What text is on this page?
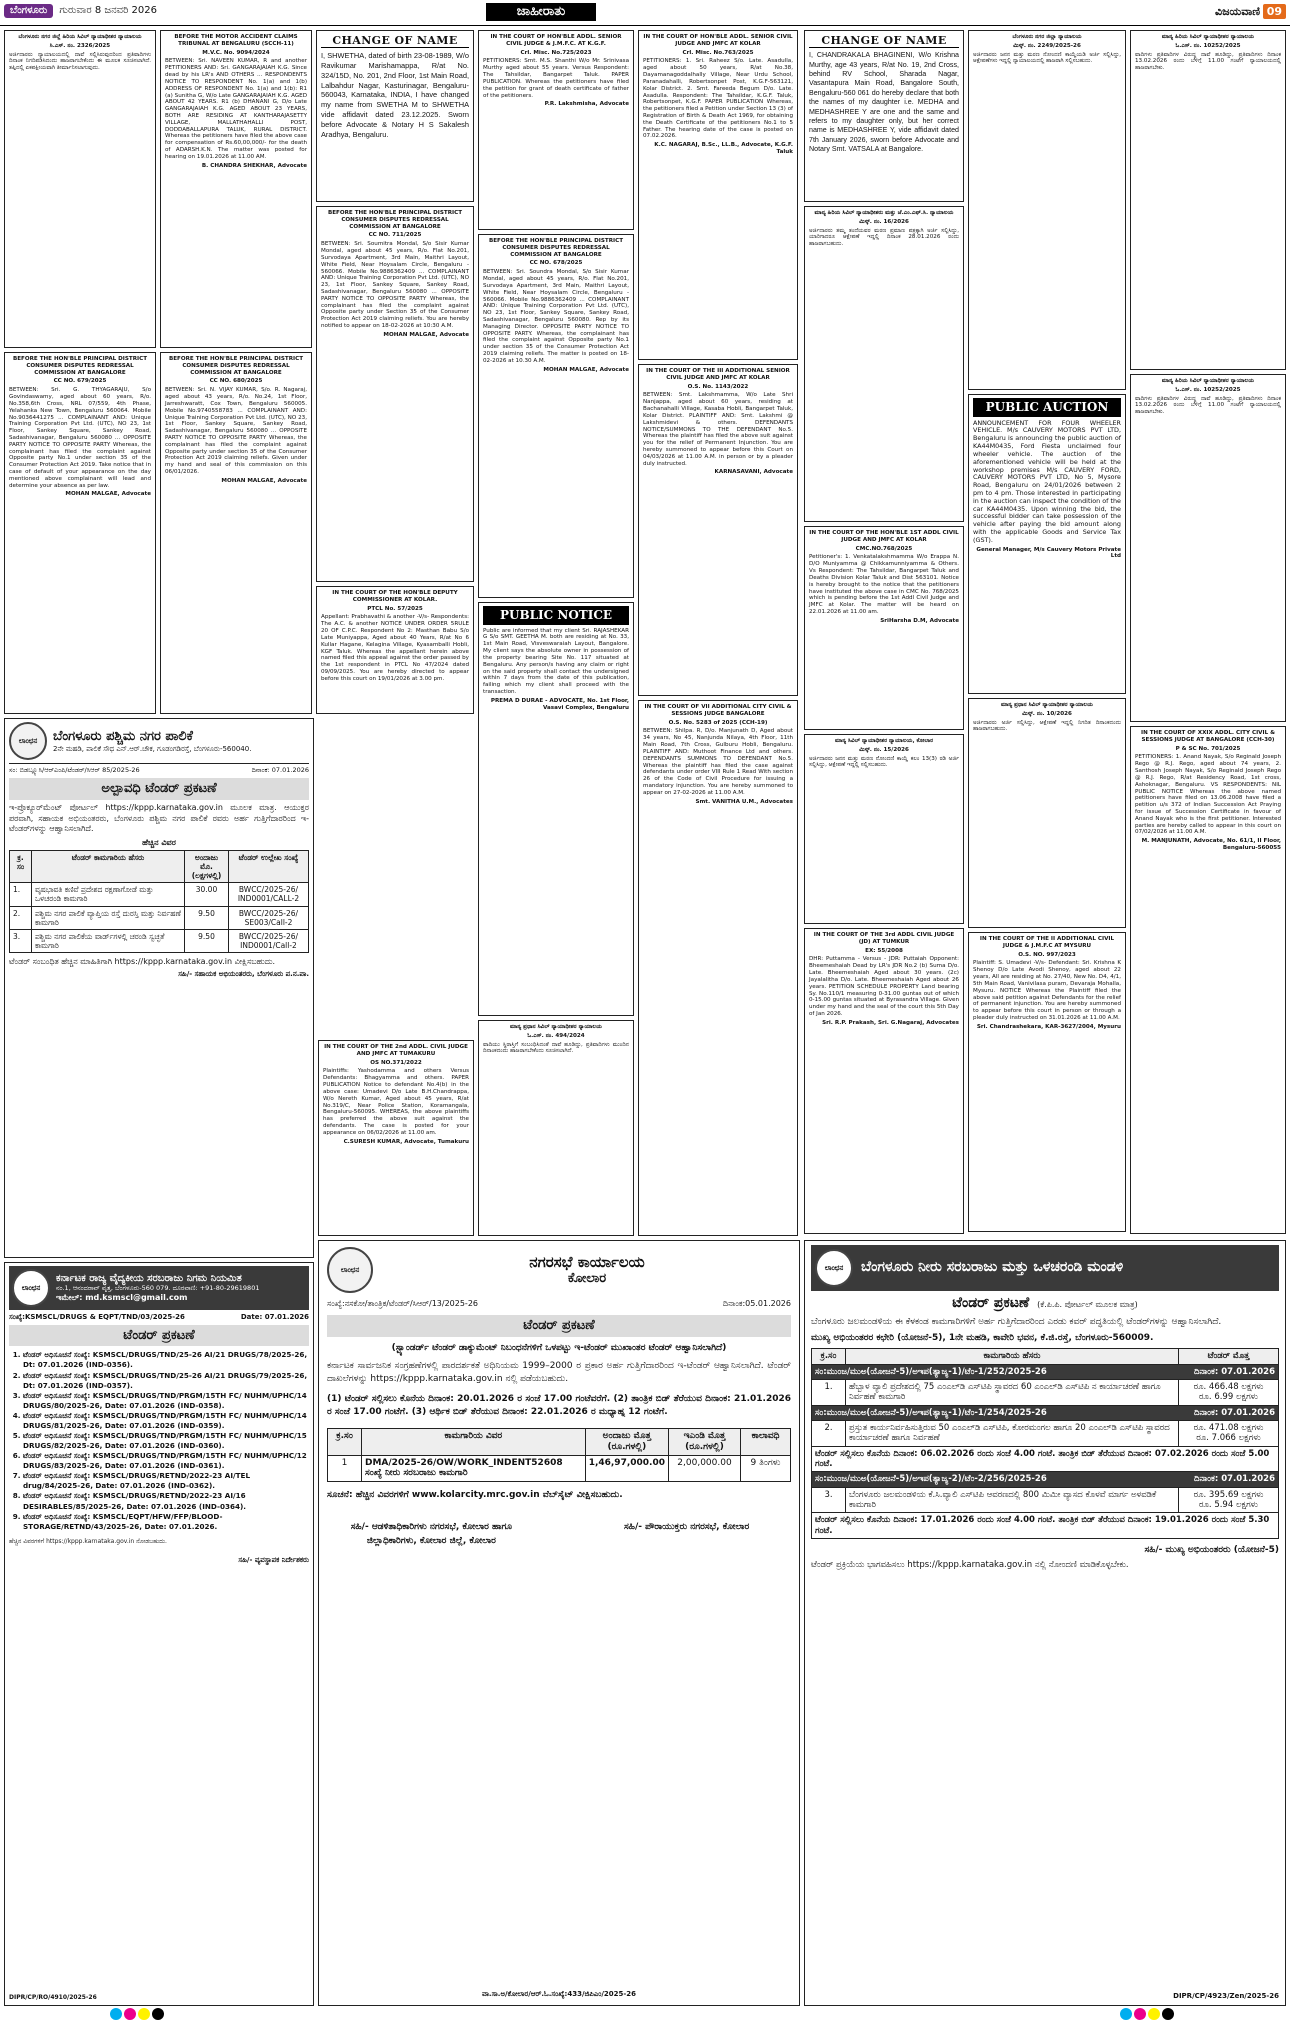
ಬೆಂಗಳೂರು	ಗುರುವಾರ 8 ಜನವರಿ 2026	ಜಾಹೀರಾತು	ವಿಜಯವಾಣಿ 09
ಬೆಂಗಳೂರು ನಗರ ಜಿಲ್ಲೆ ಹಿರಿಯ ಸಿವಿಲ್ ನ್ಯಾಯಾಧೀಶರ ನ್ಯಾಯಾಲಯ
ಸಿ.ಎಸ್. ನಂ. 2326/2025
ಅರ್ಜಿದಾರರು ನ್ಯಾಯಾಲಯದಲ್ಲಿ ದಾವೆ ಸಲ್ಲಿಸಿರುವುದರಿಂದ ಪ್ರತಿವಾದಿಗಳು ದಿನಾಂಕ ನಿಗದಿಪಡಿಸಿದಂದು ಹಾಜರಾಗಬೇಕೆಂದು ಈ ಮೂಲಕ ಸೂಚಿಸಲಾಗಿದೆ. ತಪ್ಪಿದಲ್ಲಿ ಏಕಪಕ್ಷೀಯವಾಗಿ ತೀರ್ಮಾನಿಸಲಾಗುವುದು.
BEFORE THE HON'BLE PRINCIPAL DISTRICT CONSUMER DISPUTES REDRESSAL COMMISSION AT BANGALORE
CC NO. 679/2025
BETWEEN: Sri. G. THYAGARAJU, S/o Govindaswamy, aged about 60 years, R/o. No.358,6th Cross, NRL 07/559, 4th Phase, Yelahanka New Town, Bengaluru 560064. Mobile No.9036441275 ... COMPLAINANT AND: Unique Training Corporation Pvt Ltd. (UTC), NO 23, 1st Floor, Sankey Square, Sankey Road, Sadashivanagar, Bengaluru 560080 ... OPPOSITE PARTY NOTICE TO OPPOSITE PARTY Whereas, the complainant has filed the complaint against Opposite party No.1 under section 35 of the Consumer Protection Act 2019. Take notice that in case of default of your appearance on the day mentioned above complainant will lead and determine your absence as per law.
MOHAN MALGAE, Advocate
BEFORE THE MOTOR ACCIDENT CLAIMS TRIBUNAL AT BENGALURU (SCCH-11)
M.V.C. No. 9094/2024
BETWEEN: Sri. NAVEEN KUMAR, R and another PETITIONERS AND: Sri. GANGARAJAIAH K.G. Since dead by his LR's AND OTHERS ... RESPONDENTS NOTICE TO RESPONDENT No. 1(a) and 1(b) ADDRESS OF RESPONDENT No. 1(a) and 1(b): R1 (a) Sunitha G, W/o Late GANGARAJAIAH K.G. AGED ABOUT 42 YEARS. R1 (b) DHANANI G, D/o Late GANGARAJAIAH K.G. AGED ABOUT 23 YEARS, BOTH ARE RESIDING AT KANTHARAJASETTY VILLAGE, MALLATHAHALLI POST, DODDABALLAPURA TALUK, RURAL DISTRICT. Whereas the petitioners have filed the above case for compensation of Rs.60,00,000/- for the death of ADARSH.K.N. The matter was posted for hearing on 19.01.2026 at 11.00 AM.
B. CHANDRA SHEKHAR, Advocate
BEFORE THE HON'BLE PRINCIPAL DISTRICT CONSUMER DISPUTES REDRESSAL COMMISSION AT BANGALORE
CC NO. 680/2025
BETWEEN: Sri. N. VIJAY KUMAR, S/o. R. Nagaraj, aged about 43 years, R/o. No.24, 1st Floor, Jarreshwaratt, Cox Town, Bengaluru 560005. Mobile No.9740558783 ... COMPLAINANT AND: Unique Training Corporation Pvt Ltd. (UTC), NO 23, 1st Floor, Sankey Square, Sankey Road, Sadashivanagar, Bengaluru 560080 ... OPPOSITE PARTY NOTICE TO OPPOSITE PARTY Whereas, the complainant has filed the complaint against Opposite party under section 35 of the Consumer Protection Act 2019 claiming reliefs. Given under my hand and seal of this commission on this 06/01/2026.
MOHAN MALGAE, Advocate
CHANGE OF NAME
I, SHWETHA, dated of birth 23-08-1989, W/o Ravikumar Marishamappa, R/at No. 324/15D, No. 201, 2nd Floor, 1st Main Road, Lalbahdur Nagar, Kasturinagar, Bengaluru-560043, Karnataka, INDIA, I have changed my name from SWETHA M to SHWETHA vide affidavit dated 23.12.2025. Sworn before Advocate & Notary H S Sakalesh Aradhya, Bengaluru.
BEFORE THE HON'BLE PRINCIPAL DISTRICT CONSUMER DISPUTES REDRESSAL COMMISSION AT BANGALORE
CC NO. 711/2025
BETWEEN: Sri. Soumitra Mondal, S/o Sisir Kumar Mondal, aged about 45 years, R/o. Flat No.201, Survodaya Apartment, 3rd Main, Maithri Layout, White Field, Near Hoysalam Circle, Bengaluru - 560066. Mobile No.9886362409 ... COMPLAINANT AND: Unique Training Corporation Pvt Ltd. (UTC), NO 23, 1st Floor, Sankey Square, Sankey Road, Sadashivanagar, Bengaluru 560080 ... OPPOSITE PARTY NOTICE TO OPPOSITE PARTY Whereas, the complainant has filed the complaint against Opposite party under Section 35 of the Consumer Protection Act 2019 claiming reliefs. You are hereby notified to appear on 18-02-2026 at 10:30 A.M.
MOHAN MALGAE, Advocate
IN THE COURT OF THE HON'BLE DEPUTY COMMISSIONER AT KOLAR.
PTCL No. 57/2025
Appellant: Prabhavathi & another -V/s- Respondents: The A.C. & another NOTICE UNDER ORDER 5RULE 20 OF C.P.C. Respondent No 2: Masthan Babu S/o Late Muniyappa, Aged about 40 Years, R/at No 6 Kullar Hagane, Kelagina Village, Kyasamballi Hobli, KGF Taluk. Whereas the appellant herein above named filed this appeal against the order passed by the 1st respondent in PTCL No 47/2024 dated 09/09/2025. You are hereby directed to appear before this court on 19/01/2026 at 3.00 pm.
ಲಾಂಛನ	ಬೆಂಗಳೂರು ಪಶ್ಚಿಮ ನಗರ ಪಾಲಿಕೆ
2ನೇ ಮಹಡಿ, ಪಾಲಿಕೆ ಸೌಧ ಎನ್.ಆರ್.ಚೌಕ, ಗೂಡಂಗಡಿರಸ್ತೆ, ಬೆಂಗಳೂರು-560040.
ಸಂ: ಬಿಡಬ್ಲ್ಯೂಸಿ/ಆರ್‌ಎಂಪಿ/ಟೆಂಡರ್/ಸಿಆರ್ 85/2025-26	ದಿನಾಂಕ: 07.01.2026
ಅಲ್ಪಾವಧಿ ಟೆಂಡರ್ ಪ್ರಕಟಣೆ
ಇ-ಪ್ರೊಕ್ಯೂರ್‌ಮೆಂಟ್ ಪೋರ್ಟಲ್ https://kppp.karnataka.gov.in ಮೂಲಕ ಮಾತ್ರ. ಆಯುಕ್ತರ ಪರವಾಗಿ, ಸಹಾಯಕ ಅಭಿಯಂತರರು, ಬೆಂಗಳೂರು ಪಶ್ಚಿಮ ನಗರ ಪಾಲಿಕೆ ರವರು ಅರ್ಹ ಗುತ್ತಿಗೆದಾರರಿಂದ ಇ-ಟೆಂಡರ್‌ಗಳನ್ನು ಆಹ್ವಾನಿಸಲಾಗಿದೆ.
ಹೆಚ್ಚಿನ ವಿವರ
ಕ್ರ. ಸಂ	ಟೆಂಡರ್ ಕಾಮಗಾರಿಯ ಹೆಸರು	ಅಂದಾಜು ಮೊ. (ಲಕ್ಷಗಳಲ್ಲಿ)	ಟೆಂಡರ್ ಉಲ್ಲೇಖ ಸಂಖ್ಯೆ
1.	ವೃಷಭಾವತಿ ಕಣಿವೆ ಪ್ರದೇಶದ ರಕ್ಷಣಾಗೋಡೆ ಮತ್ತು ಒಳಚರಂಡಿ ಕಾಮಗಾರಿ	30.00	BWCC/2025-26/ IND0001/CALL-2
2.	ಪಶ್ಚಿಮ ನಗರ ಪಾಲಿಕೆ ವ್ಯಾಪ್ತಿಯ ರಸ್ತೆ ದುರಸ್ತಿ ಮತ್ತು ನಿರ್ವಹಣೆ ಕಾಮಗಾರಿ	9.50	BWCC/2025-26/ SE003/Call-2
3.	ಪಶ್ಚಿಮ ನಗರ ಪಾಲಿಕೆಯ ವಾರ್ಡ್‌ಗಳಲ್ಲಿ ಚರಂಡಿ ಸ್ವಚ್ಛತೆ ಕಾಮಗಾರಿ	9.50	BWCC/2025-26/ IND0001/Call-2
ಟೆಂಡರ್ ಸಂಬಂಧಿತ ಹೆಚ್ಚಿನ ಮಾಹಿತಿಗಾಗಿ https://kppp.karnataka.gov.in ವೀಕ್ಷಿಸಬಹುದು.
ಸಹಿ/- ಸಹಾಯಕ ಅಭಿಯಂತರರು, ಬೆಂಗಳೂರು ಪ.ನ.ಪಾ.
ಲಾಂಛನ
ಕರ್ನಾಟಕ ರಾಜ್ಯ ವೈದ್ಯಕೀಯ ಸರಬರಾಜು ನಿಗಮ ನಿಯಮಿತ
ನಂ.1, ಆನಂದರಾವ್ ವೃತ್ತ, ಬೆಂಗಳೂರು-560 079. ದೂರವಾಣಿ: +91-80-29619801
ಇಮೇಲ್: md.ksmscl@gmail.com
ಸಂಖ್ಯೆ:KSMSCL/DRUGS & EQPT/TND/03/2025-26	Date: 07.01.2026
ಟೆಂಡರ್ ಪ್ರಕಟಣೆ
1. ಟೆಂಡರ್ ಅಧಿಸೂಚನೆ ಸಂಖ್ಯೆ: KSMSCL/DRUGS/TND/25-26 AI/21 DRUGS/78/2025-26, Dt: 07.01.2026 (IND-0356).
2. ಟೆಂಡರ್ ಅಧಿಸೂಚನೆ ಸಂಖ್ಯೆ: KSMSCL/DRUGS/TND/25-26 AI/21 DRUGS/79/2025-26, Dt: 07.01.2026 (IND-0357).
3. ಟೆಂಡರ್ ಅಧಿಸೂಚನೆ ಸಂಖ್ಯೆ: KSMSCL/DRUGS/TND/PRGM/15TH FC/ NUHM/UPHC/14 DRUGS/80/2025-26, Date: 07.01.2026 (IND-0358).
4. ಟೆಂಡರ್ ಅಧಿಸೂಚನೆ ಸಂಖ್ಯೆ: KSMSCL/DRUGS/TND/PRGM/15TH FC/ NUHM/UPHC/14 DRUGS/81/2025-26, Date: 07.01.2026 (IND-0359).
5. ಟೆಂಡರ್ ಅಧಿಸೂಚನೆ ಸಂಖ್ಯೆ: KSMSCL/DRUGS/TND/PRGM/15TH FC/ NUHM/UPHC/15 DRUGS/82/2025-26, Date: 07.01.2026 (IND-0360).
6. ಟೆಂಡರ್ ಅಧಿಸೂಚನೆ ಸಂಖ್ಯೆ: KSMSCL/DRUGS/TND/PRGM/15TH FC/ NUHM/UPHC/12 DRUGS/83/2025-26, Date: 07.01.2026 (IND-0361).
7. ಟೆಂಡರ್ ಅಧಿಸೂಚನೆ ಸಂಖ್ಯೆ: KSMSCL/DRUGS/RETND/2022-23 AI/TEL drug/84/2025-26, Date: 07.01.2026 (IND-0362).
8. ಟೆಂಡರ್ ಅಧಿಸೂಚನೆ ಸಂಖ್ಯೆ: KSMSCL/DRUGS/RETND/2022-23 AI/16 DESIRABLES/85/2025-26, Date: 07.01.2026 (IND-0364).
9. ಟೆಂಡರ್ ಅಧಿಸೂಚನೆ ಸಂಖ್ಯೆ: KSMSCL/EQPT/HFW/FFP/BLOOD-STORAGE/RETND/43/2025-26, Date: 07.01.2026.
ಹೆಚ್ಚಿನ ವಿವರಗಳಿಗೆ https://kppp.karnataka.gov.in ನೋಡಬಹುದು.
ಸಹಿ/- ವ್ಯವಸ್ಥಾಪಕ ನಿರ್ದೇಶಕರು
DIPR/CP/RO/4910/2025-26
IN THE COURT OF HON'BLE ADDL. SENIOR CIVIL JUDGE & J.M.F.C. AT K.G.F.
Crl. Misc. No.725/2023
PETITIONERS: Smt. M.S. Shanthi W/o Mr. Srinivasa Murthy aged about 55 years. Versus Respondent: The Tahsildar, Bangarpet Taluk. PAPER PUBLICATION. Whereas the petitioners have filed the petition for grant of death certificate of father of the petitioners.
P.R. Lakshmisha, Advocate
BEFORE THE HON'BLE PRINCIPAL DISTRICT CONSUMER DISPUTES REDRESSAL COMMISSION AT BANGALORE
CC NO. 678/2025
BETWEEN: Sri. Soundra Mondal, S/o Sisir Kumar Mondal, aged about 45 years, R/o. Flat No.201, Survodaya Apartment, 3rd Main, Maithri Layout, White Field, Near Hoysalam Circle, Bengaluru - 560066. Mobile No.9886362409 ... COMPLAINANT AND: Unique Training Corporation Pvt Ltd. (UTC), NO 23, 1st Floor, Sankey Square, Sankey Road, Sadashivanagar, Bengaluru 560080. Rep by its Managing Director. OPPOSITE PARTY NOTICE TO OPPOSITE PARTY. Whereas, the complainant has filed the complaint against Opposite party No.1 under section 35 of the Consumer Protection Act 2019 claiming reliefs. The matter is posted on 18-02-2026 at 10.30 A.M.
MOHAN MALGAE, Advocate
PUBLIC NOTICE
Public are informed that my client Sri. RAJASHEKAR G S/o SMT. GEETHA M. both are residing at No. 33, 1st Main Road, Visveswaraiah Layout, Bangalore. My client says the absolute owner in possession of the property bearing Site No. 117 situated at Bengaluru. Any person/s having any claim or right on the said property shall contact the undersigned within 7 days from the date of this publication, failing which my client shall proceed with the transaction.
PREMA D DURAE - ADVOCATE, No. 1st Floor, Vasavi Complex, Bengaluru
ಮಾನ್ಯ ಪ್ರಧಾನ ಸಿವಿಲ್ ನ್ಯಾಯಾಧೀಶರ ನ್ಯಾಯಾಲಯ
ಓ.ಎಸ್. ನಂ. 494/2024
ವಾದಿಯು ಸ್ಥಿರಾಸ್ತಿಗೆ ಸಂಬಂಧಿಸಿದಂತೆ ದಾವೆ ಹೂಡಿದ್ದು, ಪ್ರತಿವಾದಿಗಳು ಮುಂದಿನ ದಿನಾಂಕದಂದು ಹಾಜರಾಗಬೇಕೆಂದು ಸೂಚಿಸಲಾಗಿದೆ.
IN THE COURT OF HON'BLE ADDL. SENIOR CIVIL JUDGE AND JMFC AT KOLAR
Crl. Misc. No.763/2025
PETITIONERS: 1. Sri. Raheez S/o. Late. Asadulla, aged about 50 years, R/at No.38, Dayamanagoddalhally Village, Near Urdu School, Paranadahalli, Robertsonpet Post, K.G.F-563121, Kolar District. 2. Smt. Fareeda Begum D/o. Late. Asadulla. Respondent: The Tahsildar, K.G.F. Taluk, Robertsonpet, K.G.F. PAPER PUBLICATION Whereas, the petitioners filed a Petition under Section 13 (3) of Registration of Birth & Death Act 1969, for obtaining the Death Certificate of the petitioners No.1 to 5 Father. The hearing date of the case is posted on 07.02.2026.
K.C. NAGARAJ, B.Sc., LL.B., Advocate, K.G.F. Taluk
IN THE COURT OF THE III ADDITIONAL SENIOR CIVIL JUDGE AND JMFC AT KOLAR
O.S. No. 1143/2022
BETWEEN: Smt. Lakshmamma, W/o Late Shri Nanjappa, aged about 60 years, residing at Bachanahalli Village, Kasaba Hobli, Bangarpet Taluk, Kolar District. PLAINTIFF AND: Smt. Lakshmi @ Lakshmidevi & others. DEFENDANTS NOTICE/SUMMONS TO THE DEFENDANT No.5. Whereas the plaintiff has filed the above suit against you for the relief of Permanent Injunction. You are hereby summoned to appear before this Court on 04/03/2026 at 11.00 A.M. in person or by a pleader duly instructed.
KARNASAVANI, Advocate
IN THE COURT OF VII ADDITIONAL CITY CIVIL & SESSIONS JUDGE BANGALORE
O.S. No. 5283 of 2025 (CCH-19)
BETWEEN: Shilpa. R, D/o. Manjunath D, Aged about 34 years, No 45, Nanjunda Nilaya, 4th Floor, 11th Main Road, 7th Cross, Gulburu Hobli, Bengaluru. PLAINTIFF AND: Muthoot Finance Ltd and others. DEFENDANTS SUMMONS TO DEFENDANT No.5. Whereas the plaintiff has filed the case against defendants under order VIII Rule 1 Read With section 26 of the Code of Civil Procedure for issuing a mandatory injunction. You are hereby summoned to appear on 27-02-2026 at 11.00 A.M.
Smt. VANITHA U.M., Advocates
IN THE COURT OF THE 2nd ADDL. CIVIL JUDGE AND JMFC AT TUMAKURU
OS NO.371/2022
Plaintiffs: Yashodamma and others Versus Defendants: Bhagyamma and others. PAPER PUBLICATION Notice to defendant No.4(b) in the above case: Umadevi D/o Late B.H.Chandrappa, W/o Nereth Kumar, Aged about 45 years, R/at No.319/C, Near Police Station, Koramangala, Bengaluru-560095. WHEREAS, the above plaintiffs has preferred the above suit against the defendants. The case is posted for your appearance on 06/02/2026 at 11.00 am.
C.SURESH KUMAR, Advocate, Tumakuru
ಲಾಂಛನ	ನಗರಸಭೆ ಕಾರ್ಯಾಲಯ
ಕೋಲಾರ
ಸಂಖ್ಯೆ:ನಸಕೋ/ತಾಂತ್ರಿಕ/ಟೆಂಡರ್/ಸಿಆರ್/13/2025-26	ದಿನಾಂಕ:05.01.2026
ಟೆಂಡರ್ ಪ್ರಕಟಣೆ
(ಸ್ಟ್ಯಾಂಡರ್ಡ್ ಟೆಂಡರ್ ಡಾಕ್ಯುಮೆಂಟ್ ನಿಬಂಧನೆಗಳಿಗೆ ಒಳಪಟ್ಟು ಇ-ಟೆಂಡರ್ ಮುಖಾಂತರ ಟೆಂಡರ್ ಆಹ್ವಾನಿಸಲಾಗಿದೆ)
ಕರ್ನಾಟಕ ಸಾರ್ವಜನಿಕ ಸಂಗ್ರಹಣೆಗಳಲ್ಲಿ ಪಾರದರ್ಶಕತೆ ಅಧಿನಿಯಮ 1999–2000 ರ ಪ್ರಕಾರ ಅರ್ಹ ಗುತ್ತಿಗೆದಾರರಿಂದ ಇ-ಟೆಂಡರ್ ಆಹ್ವಾನಿಸಲಾಗಿದೆ. ಟೆಂಡರ್ ದಾಖಲೆಗಳನ್ನು https://kppp.karnataka.gov.in ನಲ್ಲಿ ಪಡೆಯಬಹುದು.
(1) ಟೆಂಡರ್ ಸಲ್ಲಿಸಲು ಕೊನೆಯ ದಿನಾಂಕ: 20.01.2026 ರ ಸಂಜೆ 17.00 ಗಂಟೆವರೆಗೆ. (2) ತಾಂತ್ರಿಕ ಬಿಡ್ ತೆರೆಯುವ ದಿನಾಂಕ: 21.01.2026 ರ ಸಂಜೆ 17.00 ಗಂಟೆಗೆ. (3) ಆರ್ಥಿಕ ಬಿಡ್ ತೆರೆಯುವ ದಿನಾಂಕ: 22.01.2026 ರ ಮಧ್ಯಾಹ್ನ 12 ಗಂಟೆಗೆ.
ಕ್ರ.ಸಂ	ಕಾಮಗಾರಿಯ ವಿವರ	ಅಂದಾಜು ಮೊತ್ತ (ರೂ.ಗಳಲ್ಲಿ)	ಇಎಂಡಿ ಮೊತ್ತ (ರೂ.ಗಳಲ್ಲಿ)	ಕಾಲಾವಧಿ
1	DMA/2025-26/OW/WORK_INDENT52608 ಸಂಖ್ಯೆ ನೀರು ಸರಬರಾಜು ಕಾಮಗಾರಿ	1,46,97,000.00	2,00,000.00	9 ತಿಂಗಳು
ಸೂಚನೆ: ಹೆಚ್ಚಿನ ವಿವರಗಳಿಗೆ www.kolarcity.mrc.gov.in ವೆಬ್‌ಸೈಟ್ ವೀಕ್ಷಿಸಬಹುದು.
ಸಹಿ/- ಆಡಳಿತಾಧಿಕಾರಿಗಳು ನಗರಸಭೆ, ಕೋಲಾರ ಹಾಗೂ ಜಿಲ್ಲಾಧಿಕಾರಿಗಳು, ಕೋಲಾರ ಜಿಲ್ಲೆ, ಕೋಲಾರ
ಸಹಿ/- ಪೌರಾಯುಕ್ತರು ನಗರಸಭೆ, ಕೋಲಾರ
ವಾ.ಸಾ.ಅ/ಕೋಲಾರ/ಆರ್.ಓ.ಸಂಖ್ಯೆ:433/ಜಿಪಿಎಂ/2025-26
CHANGE OF NAME
I, CHANDRAKALA BHAGINENI, W/o Krishna Murthy, age 43 years, R/at No. 19, 2nd Cross, behind RV School, Sharada Nagar, Vasantapura Main Road, Bangalore South, Bengaluru-560 061 do hereby declare that both the names of my daughter i.e. MEDHA and MEDHASHREE Y are one and the same and refers to my daughter only, but her correct name is MEDHASHREE Y, vide affidavit dated 7th January 2026, sworn before Advocate and Notary Smt. VATSALA at Bangalore.
ಮಾನ್ಯ ಹಿರಿಯ ಸಿವಿಲ್ ನ್ಯಾಯಾಧೀಶರು ಮತ್ತು ಜೆ.ಎಂ.ಎಫ್.ಸಿ. ನ್ಯಾಯಾಲಯ
ಮಿಸ್ಕ್. ನಂ. 16/2026
ಅರ್ಜಿದಾರರು ತಮ್ಮ ತಂದೆಯವರ ಮರಣ ಪ್ರಮಾಣ ಪತ್ರಕ್ಕಾಗಿ ಅರ್ಜಿ ಸಲ್ಲಿಸಿದ್ದು, ಯಾರಿಗಾದರೂ ಆಕ್ಷೇಪಣೆ ಇದ್ದಲ್ಲಿ ದಿನಾಂಕ 28.01.2026 ರಂದು ಹಾಜರಾಗಬಹುದು.
IN THE COURT OF THE HON'BLE 1ST ADDL CIVIL JUDGE AND JMFC AT KOLAR
CMC.NO.768/2025
Petitioner's: 1. Venkatalakshmamma W/o Erappa N. D/O Muniyamma @ Chikkamunniyamma & Others. Vs Respondent: The Tahsildar, Bangarpet Taluk and Deaths Division Kolar Taluk and Dist 563101. Notice is hereby brought to the notice that the petitioners have instituted the above case in CMC No. 768/2025 which is pending before the 1st Addl Civil Judge and JMFC at Kolar. The matter will be heard on 22.01.2026 at 11.00 am.
SriHarsha D.M, Advocate
ಮಾನ್ಯ ಸಿವಿಲ್ ನ್ಯಾಯಾಧೀಶರ ನ್ಯಾಯಾಲಯ, ಕೋಲಾರ
ಮಿಸ್ಕ್. ನಂ. 15/2026
ಅರ್ಜಿದಾರರು ಜನನ ಮತ್ತು ಮರಣ ನೋಂದಣಿ ಕಾಯ್ದೆ ಕಲಂ 13(3) ರಡಿ ಅರ್ಜಿ ಸಲ್ಲಿಸಿದ್ದು, ಆಕ್ಷೇಪಣೆ ಇದ್ದಲ್ಲಿ ಸಲ್ಲಿಸಬಹುದು.
IN THE COURT OF THE 3rd ADDL CIVIL JUDGE (JD) AT TUMKUR
EX: 55/2008
DHR: Puttamma - Versus - JDR: Puttaiah Opponent: Bheemeshaiah Dead by LR's JDR No.2 (b) Suma D/o. Late. Bheemeshaiah Aged about 30 years. (2c) Jayalalitha D/o. Late. Bheemeshaiah Aged about 26 years. PETITION SCHEDULE PROPERTY Land bearing Sy. No.110/1 measuring 0-31.00 guntas out of which 0-15.00 guntas situated at Byrasandra Village. Given under my hand and the seal of the court this 5th Day of Jan 2026.
Sri. R.P. Prakash, Sri. G.Nagaraj, Advocates
ಬೆಂಗಳೂರು ನಗರ ಜಿಲ್ಲಾ ನ್ಯಾಯಾಲಯ
ಮಿಸ್ಕ್. ನಂ. 2249/2025-26
ಅರ್ಜಿದಾರರು ಜನನ ಮತ್ತು ಮರಣ ನೋಂದಣಿ ಕಾಯ್ದೆಯಡಿ ಅರ್ಜಿ ಸಲ್ಲಿಸಿದ್ದು, ಆಕ್ಷೇಪಣೆಗಳು ಇದ್ದಲ್ಲಿ ನ್ಯಾಯಾಲಯದಲ್ಲಿ ಹಾಜರಾಗಿ ಸಲ್ಲಿಸಬಹುದು.
PUBLIC AUCTION
ANNOUNCEMENT FOR FOUR WHEELER VEHICLE. M/s CAUVERY MOTORS PVT LTD, Bengaluru is announcing the public auction of KA44M0435, Ford Fiesta unclaimed four wheeler vehicle. The auction of the aforementioned vehicle will be held at the workshop premises M/s CAUVERY FORD, CAUVERY MOTORS PVT LTD, No 5, Mysore Road, Bengaluru on 24/01/2026 between 2 pm to 4 pm. Those interested in participating in the auction can inspect the condition of the car KA44M0435. Upon winning the bid, the successful bidder can take possession of the vehicle after paying the bid amount along with the applicable Goods and Service Tax (GST).
General Manager, M/s Cauvery Motors Private Ltd
ಮಾನ್ಯ ಪ್ರಧಾನ ಸಿವಿಲ್ ನ್ಯಾಯಾಧೀಶರ ನ್ಯಾಯಾಲಯ
ಮಿಸ್ಕ್. ನಂ. 10/2026
ಅರ್ಜಿದಾರರು ಅರ್ಜಿ ಸಲ್ಲಿಸಿದ್ದು, ಆಕ್ಷೇಪಣೆ ಇದ್ದಲ್ಲಿ ನಿಗದಿತ ದಿನಾಂಕದಂದು ಹಾಜರಾಗಬಹುದು.
IN THE COURT OF THE II ADDITIONAL CIVIL JUDGE & J.M.F.C AT MYSURU
O.S. NO. 997/2023
Plaintiff: S. Umadevi -V/s- Defendant: Sri. Krishna K Shenoy D/o Late Avodi Shenoy, aged about 22 years, All are residing at No. 27/40, New No. D4, 4/1, 5th Main Road, Vanivilasa puram, Devaraja Mohalla, Mysuru. NOTICE Whereas the Plaintiff filed the above said petition against Defendants for the relief of permanent injunction. You are hereby summoned to appear before this court in person or through a pleader duly instructed on 31.01.2026 at 11.00 A.M.
Sri. Chandrashekara, KAR-3627/2004, Mysuru
ಮಾನ್ಯ ಹಿರಿಯ ಸಿವಿಲ್ ನ್ಯಾಯಾಧೀಶರ ನ್ಯಾಯಾಲಯ
ಓ.ಎಸ್. ನಂ. 10252/2025
ವಾದಿಗಳು ಪ್ರತಿವಾದಿಗಳ ವಿರುದ್ಧ ದಾವೆ ಹೂಡಿದ್ದು, ಪ್ರತಿವಾದಿಗಳು ದಿನಾಂಕ 13.02.2026 ರಂದು ಬೆಳಿಗ್ಗೆ 11.00 ಗಂಟೆಗೆ ನ್ಯಾಯಾಲಯದಲ್ಲಿ ಹಾಜರಾಗಬೇಕು.
ಮಾನ್ಯ ಹಿರಿಯ ಸಿವಿಲ್ ನ್ಯಾಯಾಧೀಶರ ನ್ಯಾಯಾಲಯ
ಓ.ಎಸ್. ನಂ. 10252/2025
ವಾದಿಗಳು ಪ್ರತಿವಾದಿಗಳ ವಿರುದ್ಧ ದಾವೆ ಹೂಡಿದ್ದು, ಪ್ರತಿವಾದಿಗಳು ದಿನಾಂಕ 13.02.2026 ರಂದು ಬೆಳಿಗ್ಗೆ 11.00 ಗಂಟೆಗೆ ನ್ಯಾಯಾಲಯದಲ್ಲಿ ಹಾಜರಾಗಬೇಕು.
IN THE COURT OF XXIX ADDL. CITY CIVIL & SESSIONS JUDGE AT BANGALORE (CCH-30)
P & SC No. 701/2025
PETITIONERS: 1. Anand Nayak, S/o Reginald Joseph Rego @ R.J. Rego, aged about 74 years, 2. Santhosh Joseph Nayak, S/o Reginald Joseph Rego @ R.J. Rego, R/at Residency Road, 1st cross, Ashoknagar, Bengaluru. VS RESPONDENTS: NIL PUBLIC NOTICE Whereas the above named petitioners have filed on 13.06.2008 have filed a petition u/s 372 of Indian Succession Act Praying for issue of Succession Certificate in favour of Anand Nayak who is the first petitioner. Interested parties are hereby called to appear in this court on 07/02/2026 at 11.00 A.M.
M. MANJUNATH, Advocate, No. 61/1, II Floor, Bengaluru-560055
ಲಾಂಛನ	ಬೆಂಗಳೂರು ನೀರು ಸರಬರಾಜು ಮತ್ತು ಒಳಚರಂಡಿ ಮಂಡಳಿ
ಟೆಂಡರ್ ಪ್ರಕಟಣೆ (ಕೆ.ಪಿ.ಪಿ. ಪೋರ್ಟಲ್ ಮೂಲಕ ಮಾತ್ರ)
ಬೆಂಗಳೂರು ಜಲಮಂಡಳಿಯ ಈ ಕೆಳಕಂಡ ಕಾಮಗಾರಿಗಳಿಗೆ ಅರ್ಹ ಗುತ್ತಿಗೆದಾರರಿಂದ ಎರಡು ಕವರ್ ಪದ್ಧತಿಯಲ್ಲಿ ಟೆಂಡರ್‌ಗಳನ್ನು ಆಹ್ವಾನಿಸಲಾಗಿದೆ.
ಮುಖ್ಯ ಅಭಿಯಂತರರ ಕಛೇರಿ (ಯೋಜನೆ-5), 1ನೇ ಮಹಡಿ, ಕಾವೇರಿ ಭವನ, ಕೆ.ಜಿ.ರಸ್ತೆ, ಬೆಂಗಳೂರು-560009.
ಕ್ರ.ಸಂ	ಕಾಮಗಾರಿಯ ಹೆಸರು	ಟೆಂಡರ್ ಮೊತ್ತ
ಸಂ:ಮುಂಜ/ಮುಅ(ಯೋಜನೆ-5)/ಅಇಪ(ತ್ಯಾಜ್ಯ-1)/ಟೆಂ-1/252/2025-26 ದಿನಾಂಕ: 07.01.2026		

1.	ಹೆಬ್ಬಾಳ ವ್ಯಾಲಿ ಪ್ರದೇಶದಲ್ಲಿ 75 ಎಂಎಲ್‌ಡಿ ಎಸ್‌ಟಿಪಿ ಸ್ಥಾವರದ 60 ಎಂಎಲ್‌ಡಿ ಎಸ್‌ಟಿಪಿ ನ ಕಾರ್ಯಾಚರಣೆ ಹಾಗೂ ನಿರ್ವಹಣೆ ಕಾಮಗಾರಿ	ರೂ. 466.48 ಲಕ್ಷಗಳು
ರೂ. 6.99 ಲಕ್ಷಗಳು

ಸಂ:ಮುಂಜ/ಮುಅ(ಯೋಜನೆ-5)/ಅಇಪ(ತ್ಯಾಜ್ಯ-1)/ಟೆಂ-1/254/2025-26 ದಿನಾಂಕ: 07.01.2026		

2.	ಪ್ರಸ್ತುತ ಕಾರ್ಯನಿರ್ವಹಿಸುತ್ತಿರುವ 50 ಎಂಎಲ್‌ಡಿ ಎಸ್‌ಟಿಪಿ, ಕೋರಮಂಗಲ ಹಾಗೂ 20 ಎಂಎಲ್‌ಡಿ ಎಸ್‌ಟಿಪಿ ಸ್ಥಾವರದ ಕಾರ್ಯಾಚರಣೆ ಹಾಗೂ ನಿರ್ವಹಣೆ	ರೂ. 471.08 ಲಕ್ಷಗಳು
ರೂ. 7.066 ಲಕ್ಷಗಳು

ಟೆಂಡರ್ ಸಲ್ಲಿಸಲು ಕೊನೆಯ ದಿನಾಂಕ: 06.02.2026 ರಂದು ಸಂಜೆ 4.00 ಗಂಟೆ. ತಾಂತ್ರಿಕ ಬಿಡ್ ತೆರೆಯುವ ದಿನಾಂಕ: 07.02.2026 ರಂದು ಸಂಜೆ 5.00 ಗಂಟೆ.		
ಸಂ:ಮುಂಜ/ಮುಅ(ಯೋಜನೆ-5)/ಅಇಪ(ತ್ಯಾಜ್ಯ-2)/ಟೆಂ-2/256/2025-26 ದಿನಾಂಕ: 07.01.2026		

3.	ಬೆಂಗಳೂರು ಜಲಮಂಡಳಿಯ ಕೆ.ಸಿ.ವ್ಯಾಲಿ ಎಸ್‌ಟಿಪಿ ಆವರಣದಲ್ಲಿ 800 ಮಿಮೀ ವ್ಯಾಸದ ಕೊಳವೆ ಮಾರ್ಗ ಅಳವಡಿಕೆ ಕಾಮಗಾರಿ	ರೂ. 395.69 ಲಕ್ಷಗಳು
ರೂ. 5.94 ಲಕ್ಷಗಳು

ಟೆಂಡರ್ ಸಲ್ಲಿಸಲು ಕೊನೆಯ ದಿನಾಂಕ: 17.01.2026 ರಂದು ಸಂಜೆ 4.00 ಗಂಟೆ. ತಾಂತ್ರಿಕ ಬಿಡ್ ತೆರೆಯುವ ದಿನಾಂಕ: 19.01.2026 ರಂದು ಸಂಜೆ 5.30 ಗಂಟೆ.		
ಸಹಿ/- ಮುಖ್ಯ ಅಭಿಯಂತರರು (ಯೋಜನೆ-5)
ಟೆಂಡರ್ ಪ್ರಕ್ರಿಯೆಯ ಭಾಗವಹಿಸಲು https://kppp.karnataka.gov.in ನಲ್ಲಿ ನೋಂದಣಿ ಮಾಡಿಕೊಳ್ಳಬೇಕು.
DIPR/CP/4923/Zen/2025-26
